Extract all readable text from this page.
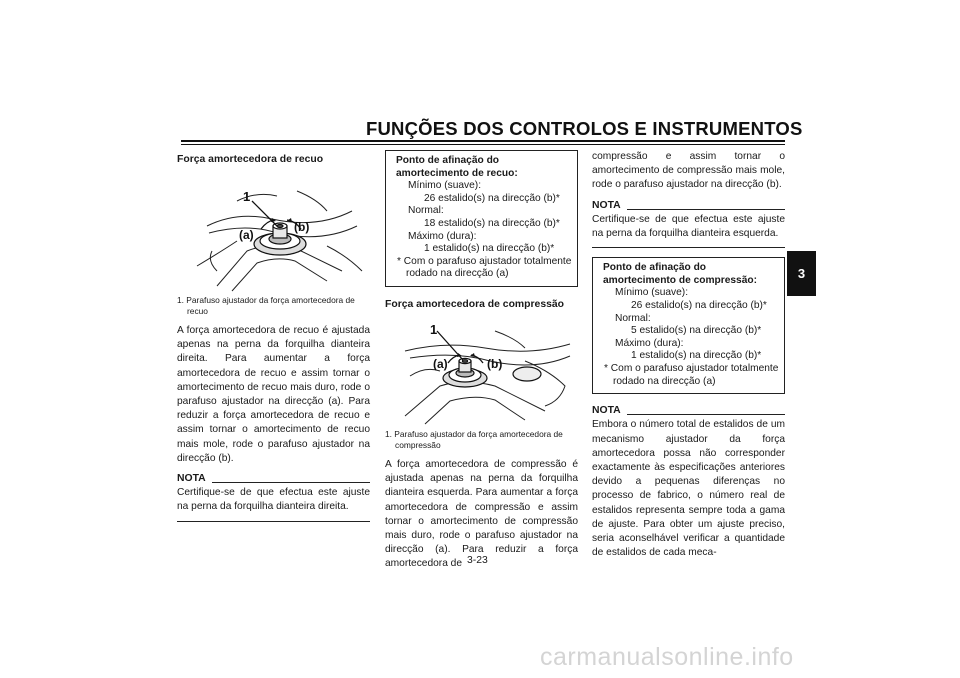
FUNÇÕES DOS CONTROLOS E INSTRUMENTOS
3
Força amortecedora de recuo
1
(a)
(b)
1. Parafuso ajustador da força amortecedora de recuo

A força amortecedora de recuo é ajustada apenas na perna da forquilha dianteira direita. Para aumentar a força amortecedora de recuo e assim tornar o amortecimento de recuo mais duro, rode o parafuso ajustador na direcção (a). Para reduzir a força amortecedora de recuo e assim tornar o amortecimento de recuo mais mole, rode o parafuso ajustador na direcção (b).

NOTA

Certifique-se de que efectua este ajuste na perna da forquilha dianteira direita.

Ponto de afinação do amortecimento de recuo:
Mínimo (suave):
26 estalido(s) na direcção (b)*
Normal:
18 estalido(s) na direcção (b)*
Máximo (dura):
1 estalido(s) na direcção (b)*
* Com o parafuso ajustador totalmente rodado na direcção (a)
Força amortecedora de compressão
1
(a)	(b)
1. Parafuso ajustador da força amortecedora de compressão

A força amortecedora de compressão é ajustada apenas na perna da forquilha dianteira esquerda. Para aumentar a força amortecedora de compressão e assim tornar o amortecimento de compressão mais duro, rode o parafuso ajustador na direcção (a). Para reduzir a força amortecedora de

compressão e assim tornar o amortecimento de compressão mais mole, rode o parafuso ajustador na direcção (b).

NOTA

Certifique-se de que efectua este ajuste na perna da forquilha dianteira esquerda.

Ponto de afinação do amortecimento de compressão:
Mínimo (suave):
26 estalido(s) na direcção (b)*
Normal:
5 estalido(s) na direcção (b)*
Máximo (dura):
1 estalido(s) na direcção (b)*
* Com o parafuso ajustador totalmente rodado na direcção (a)
NOTA

Embora o número total de estalidos de um mecanismo ajustador da força amortecedora possa não corresponder exactamente às especificações anteriores devido a pequenas diferenças no processo de fabrico, o número real de estalidos representa sempre toda a gama de ajuste. Para obter um ajuste preciso, seria aconselhável verificar a quantidade de estalidos de cada meca-

3-23
carmanualsonline.info
